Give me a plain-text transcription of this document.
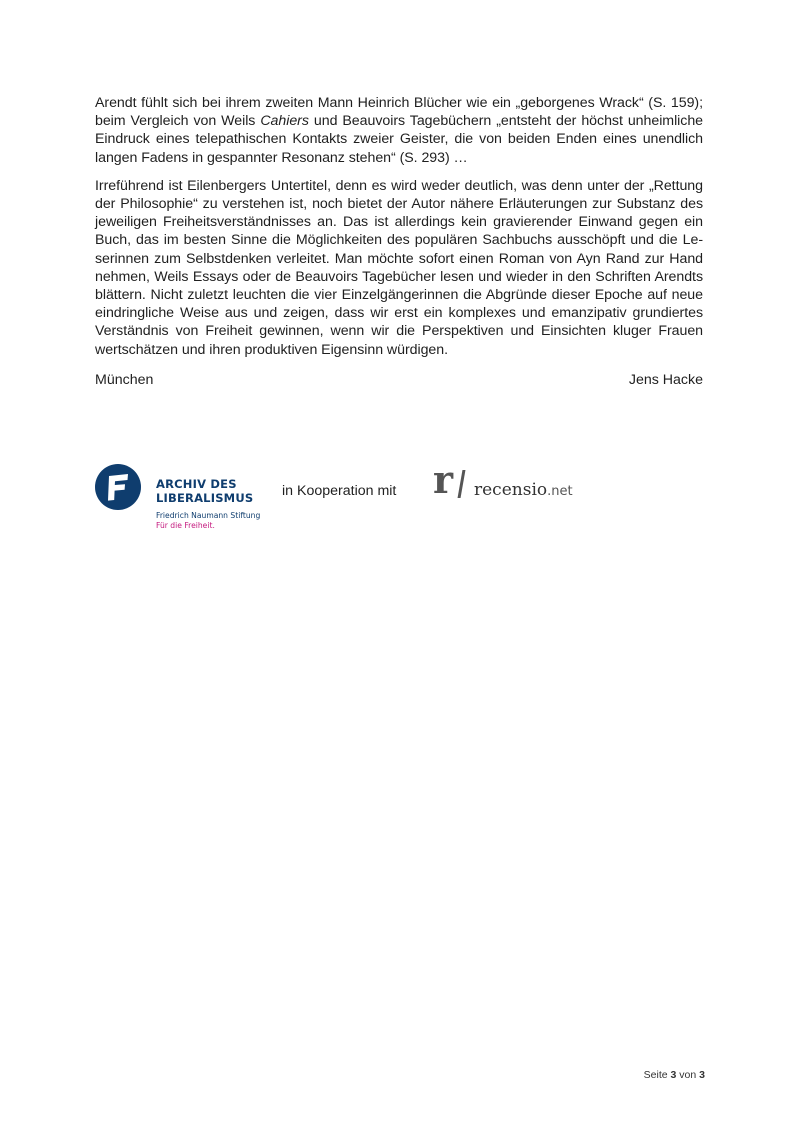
Arendt fühlt sich bei ihrem zweiten Mann Heinrich Blücher wie ein „geborgenes Wrack“ (S. 159); beim Vergleich von Weils Cahiers und Beauvoirs Tagebüchern „entsteht der höchst unheimliche Eindruck eines telepathischen Kontakts zweier Geister, die von beiden Enden eines unendlich langen Fadens in gespannter Resonanz stehen“ (S. 293) …

Irreführend ist Eilenbergers Untertitel, denn es wird weder deutlich, was denn unter der „Rettung der Philosophie“ zu verstehen ist, noch bietet der Autor nähere Erläuterungen zur Substanz des jeweiligen Freiheitsverständnisses an. Das ist allerdings kein gravierender Einwand gegen ein Buch, das im besten Sinne die Möglichkeiten des populären Sachbuchs ausschöpft und die Le-serinnen zum Selbstdenken verleitet. Man möchte sofort einen Roman von Ayn Rand zur Hand nehmen, Weils Essays oder de Beauvoirs Tagebücher lesen und wieder in den Schriften Arendts blättern. Nicht zuletzt leuchten die vier Einzelgängerinnen die Abgründe dieser Epoche auf neue eindringliche Weise aus und zeigen, dass wir erst ein komplexes und emanzipativ grundiertes Verständnis von Freiheit gewinnen, wenn wir die Perspektiven und Einsichten kluger Frauen wertschätzen und ihren produktiven Eigensinn würdigen.

München	Jens Hacke
ARCHIV DES
LIBERALISMUS
Friedrich Naumann Stiftung
Für die Freiheit.
in Kooperation mit r recensio.net
Seite 3 von 3
